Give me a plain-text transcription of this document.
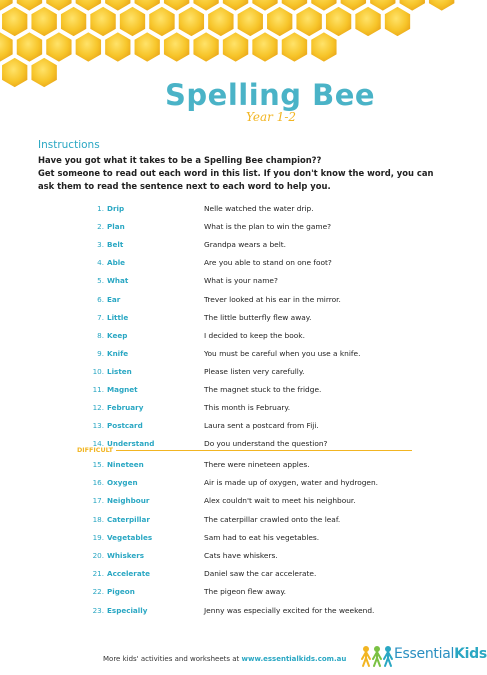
Spelling Bee
Year 1-2
Instructions
Have you got what it takes to be a Spelling Bee champion??
Get someone to read out each word in this list. If you don't know the word, you can ask them to read the sentence next to each word to help you.
1. Drip	Nelle watched the water drip.
2. Plan	What is the plan to win the game?
3. Belt	Grandpa wears a belt.
4. Able	Are you able to stand on one foot?
5. What	What is your name?
6. Ear	Trever looked at his ear in the mirror.
7. Little	The little butterfly flew away.
8. Keep	I decided to keep the book.
9. Knife	You must be careful when you use a knife.
10. Listen	Please listen very carefully.
11. Magnet	The magnet stuck to the fridge.
12. February	This month is February.
13. Postcard	Laura sent a postcard from Fiji.
14. Understand	Do you understand the question?
15. Nineteen	There were nineteen apples.
16. Oxygen	Air is made up of oxygen, water and hydrogen.
17. Neighbour	Alex couldn't wait to meet his neighbour.
18. Caterpillar	The caterpillar crawled onto the leaf.
19. Vegetables	Sam had to eat his vegetables.
20. Whiskers	Cats have whiskers.
21. Accelerate	Daniel saw the car accelerate.
22. Pigeon	The pigeon flew away.
23. Especially	Jenny was especially excited for the weekend.
DIFFICULT
More kids' activities and worksheets at www.essentialkids.com.au	EssentialKids
